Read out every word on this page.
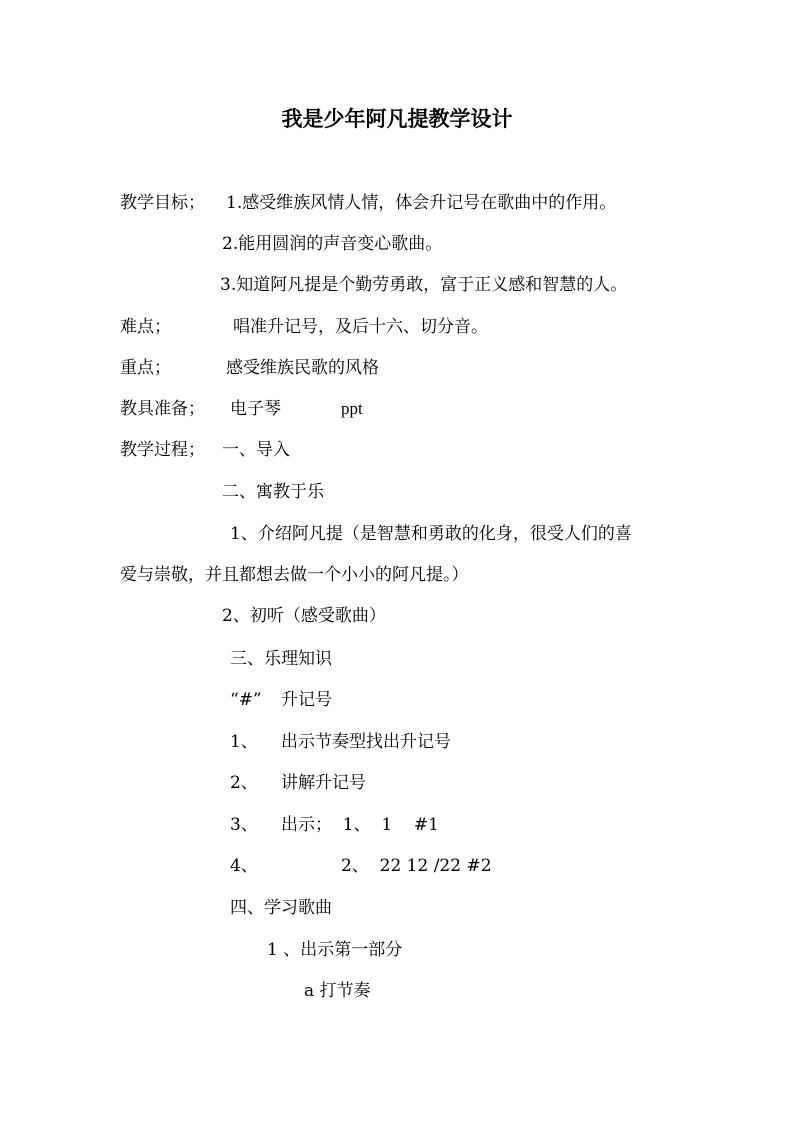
我是少年阿凡提教学设计
教学目标； 1.感受维族风情人情，体会升记号在歌曲中的作用。
2.能用圆润的声音变心歌曲。
3.知道阿凡提是个勤劳勇敢，富于正义感和智慧的人。
难点；	唱准升记号，及后十六、切分音。
重点；	感受维族民歌的风格
教具准备； 电子琴	ppt
教学过程； 一、导入
二、寓教于乐
1、介绍阿凡提（是智慧和勇敢的化身，很受人们的喜
爱与崇敬，并且都想去做一个小小的阿凡提。）
2、初听（感受歌曲）
三、乐理知识
“#” 升记号
1、 出示节奏型找出升记号
2、 讲解升记号
3、 出示；  1、  1    #1
4、	2、  22 12 /22 #2
四、学习歌曲
1 、出示第一部分
a 打节奏
